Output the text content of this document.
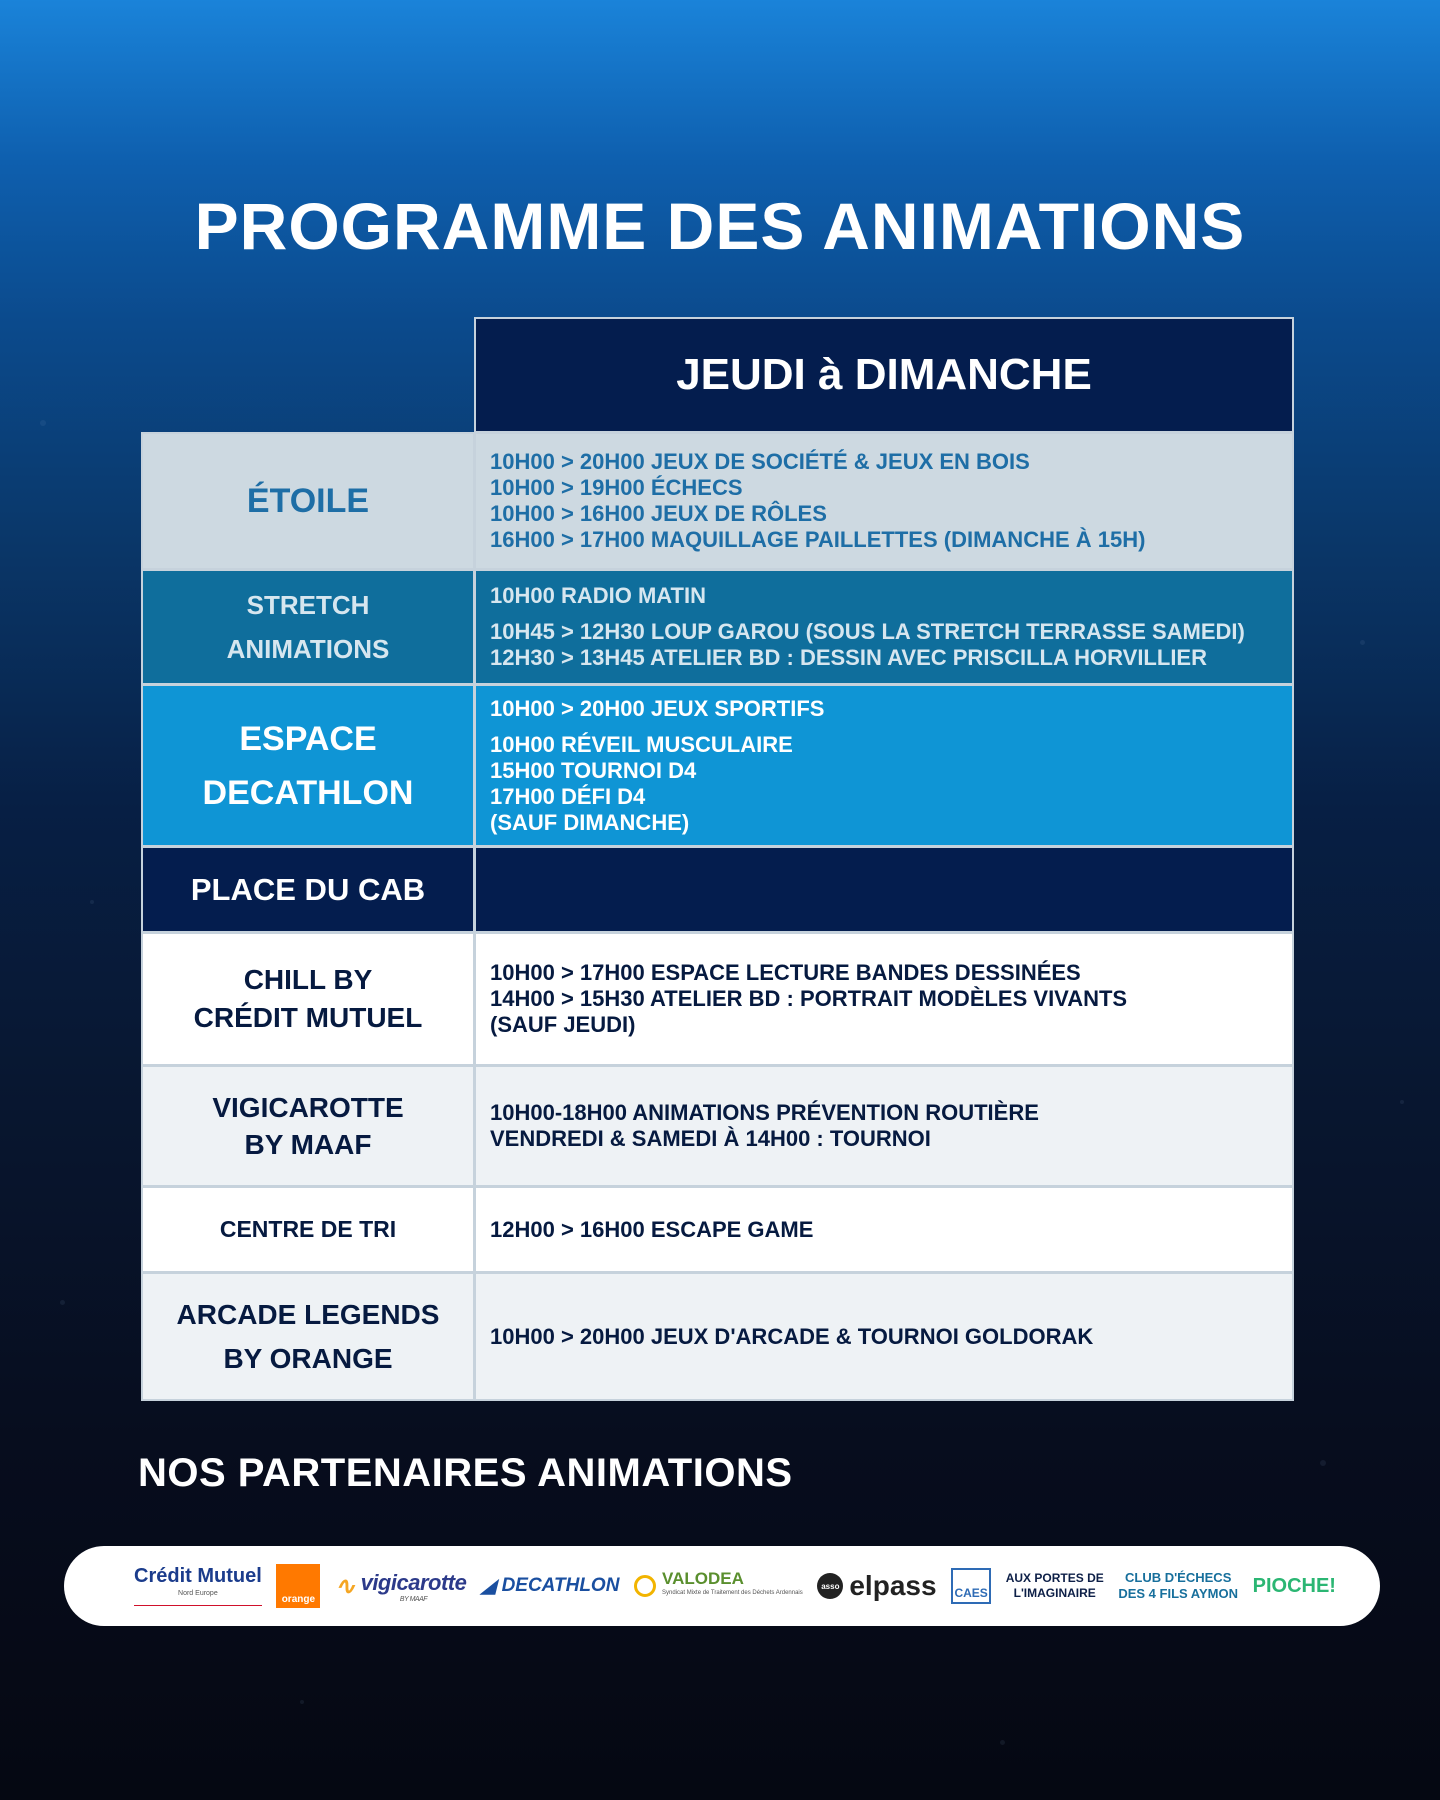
PROGRAMME DES ANIMATIONS
JEUDI à DIMANCHE
ÉTOILE
10H00 > 20H00 JEUX DE SOCIÉTÉ & JEUX EN BOIS
10H00 > 19H00 ÉCHECS
10H00 > 16H00 JEUX DE RÔLES
16H00 > 17H00 MAQUILLAGE PAILLETTES (DIMANCHE À 15H)
STRETCH
ANIMATIONS
10H00 RADIO MATIN
10H45 > 12H30 LOUP GAROU (SOUS LA STRETCH TERRASSE SAMEDI)
12H30 > 13H45 ATELIER BD : DESSIN AVEC PRISCILLA HORVILLIER
ESPACE
DECATHLON
10H00 > 20H00 JEUX SPORTIFS
10H00 RÉVEIL MUSCULAIRE
15H00 TOURNOI D4
17H00 DÉFI D4
(SAUF DIMANCHE)
PLACE DU CAB
CHILL BY
CRÉDIT MUTUEL
10H00 > 17H00 ESPACE LECTURE BANDES DESSINÉES
14H00 > 15H30 ATELIER BD : PORTRAIT MODÈLES VIVANTS
(SAUF JEUDI)
VIGICAROTTE
BY MAAF
10H00-18H00 ANIMATIONS PRÉVENTION ROUTIÈRE
VENDREDI & SAMEDI À 14H00 : TOURNOI
CENTRE DE TRI	12H00 > 16H00 ESCAPE GAME
ARCADE LEGENDS
BY ORANGE
10H00 > 20H00 JEUX D'ARCADE & TOURNOI GOLDORAK
NOS PARTENAIRES ANIMATIONS
Crédit Mutuel
Nord Europe
orange ∿ vigicarotte
BY MAAF
◢ DECATHLON	VALODEA
Syndicat Mixte de Traitement des Déchets Ardennais
asso elpass CAES
AUX PORTES DE
L'IMAGINAIRE
CLUB D'ÉCHECS
DES 4 FILS AYMON PIOCHE!
